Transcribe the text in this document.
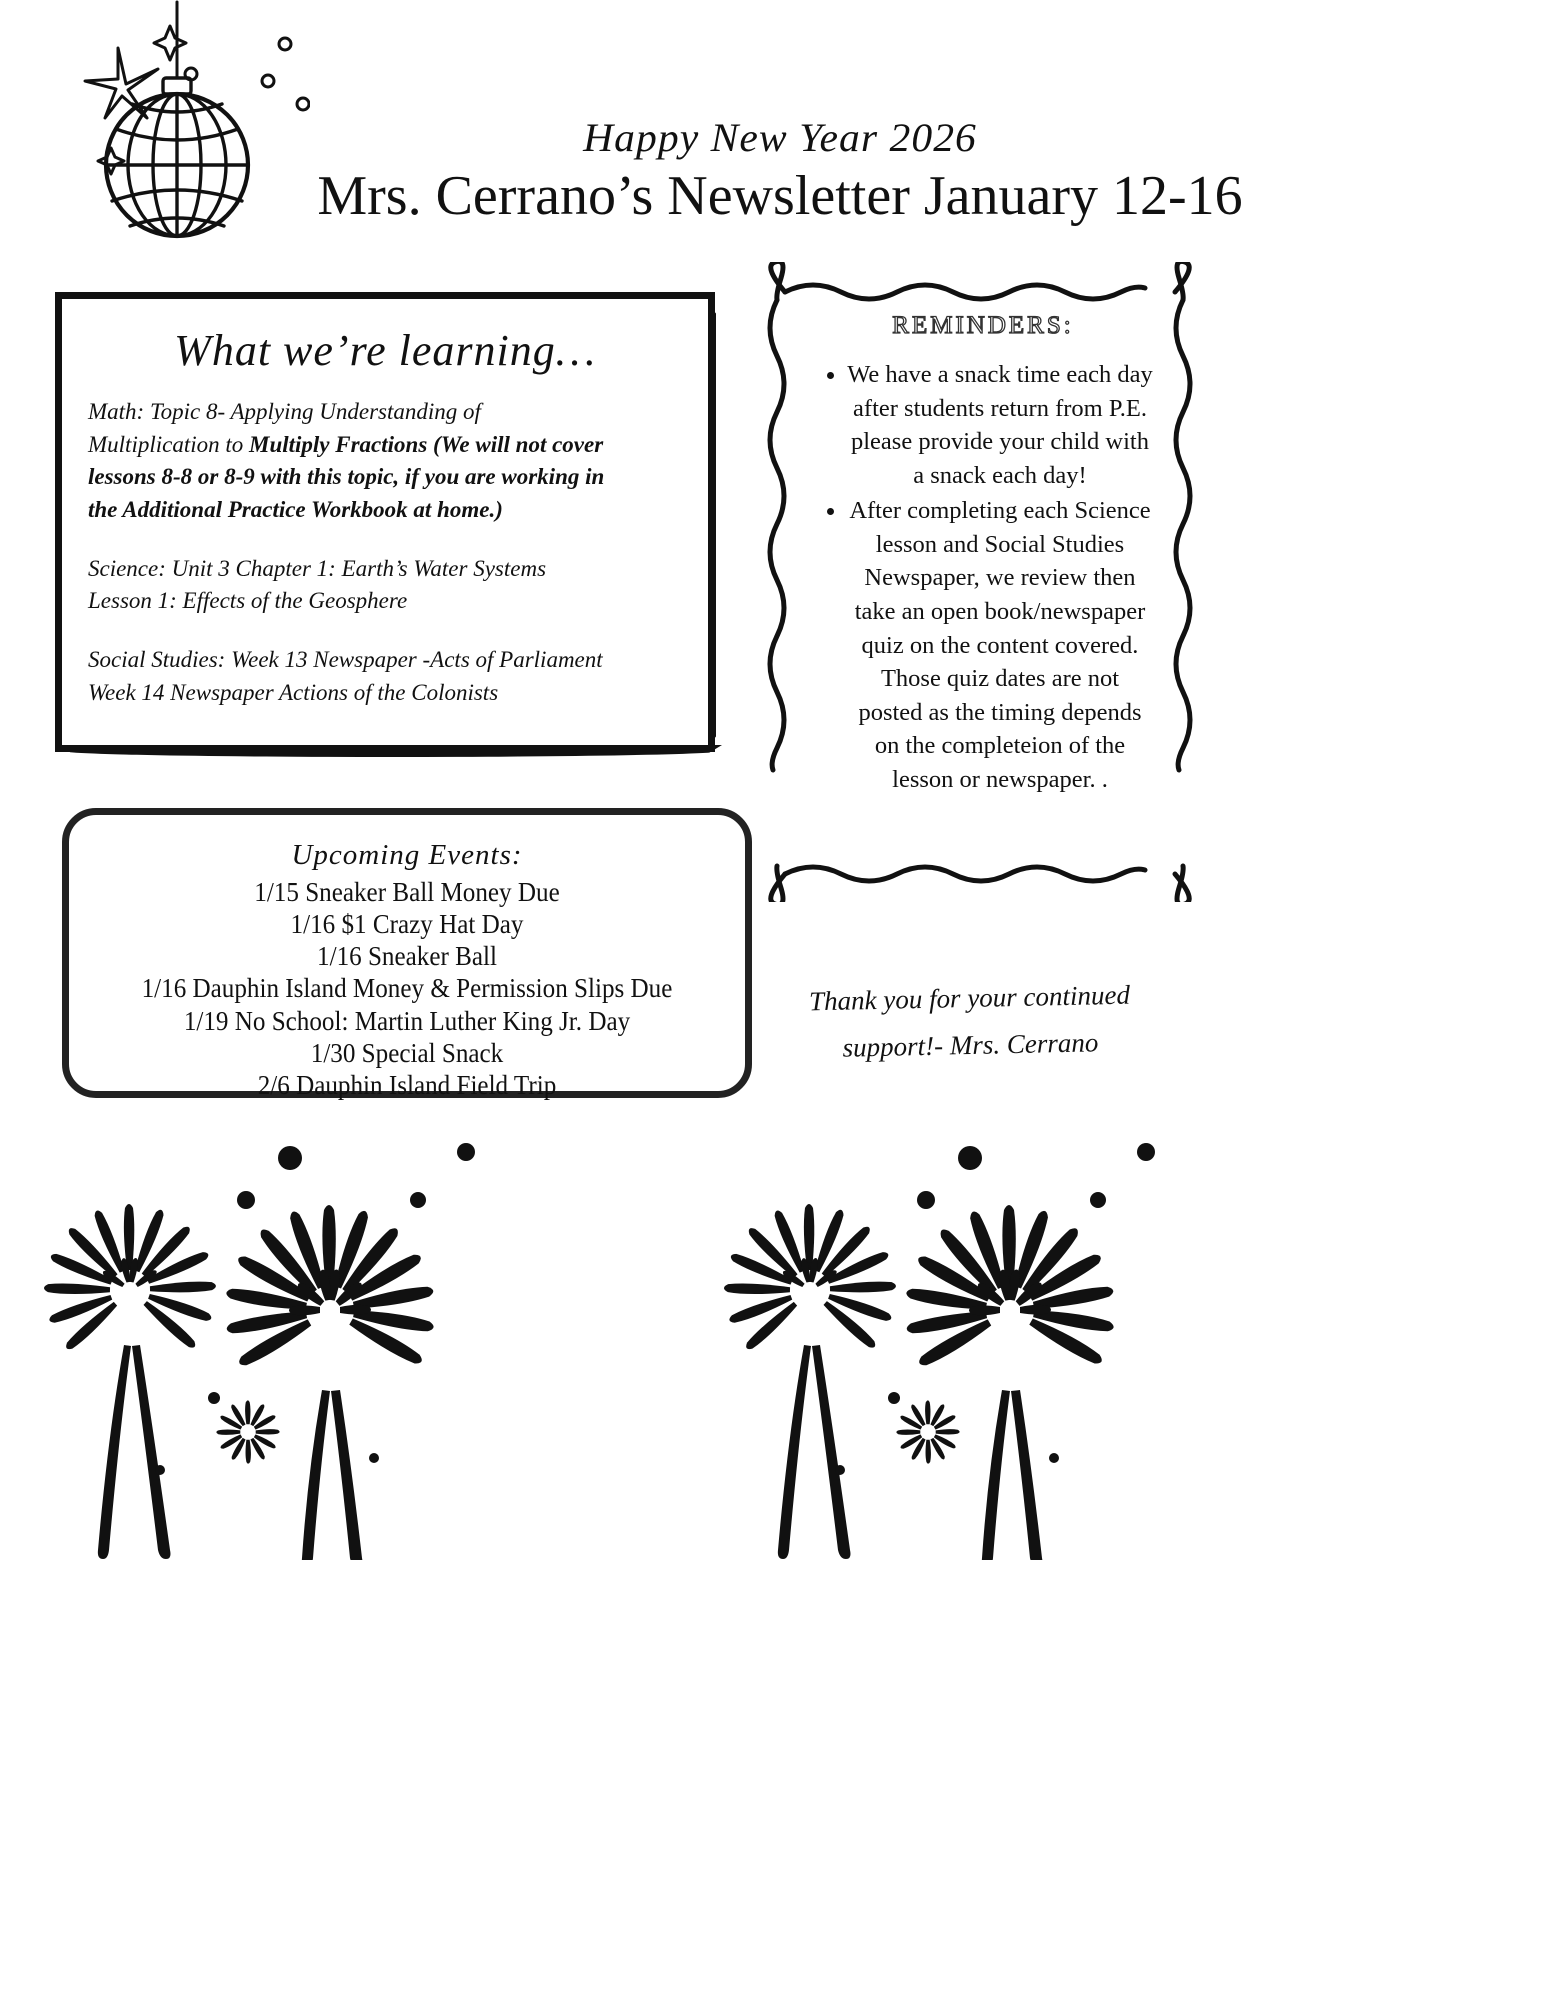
Happy New Year 2026
Mrs. Cerrano’s Newsletter January 12-16
What we’re learning…
Math: Topic 8- Applying Understanding of
Multiplication to Multiply Fractions (We will not cover
lessons 8-8 or 8-9 with this topic, if you are working in
the Additional Practice Workbook at home.)
Science: Unit 3 Chapter 1: Earth’s Water Systems
Lesson 1: Effects of the Geosphere
Social Studies: Week 13 Newspaper -Acts of Parliament
Week 14 Newspaper Actions of the Colonists
REMINDERS:
• We have a snack time each day after students return from P.E. please provide your child with a snack each day!
• After completing each Science lesson and Social Studies Newspaper, we review then take an open book/newspaper quiz on the content covered. Those quiz dates are not posted as the timing depends on the completeion of the lesson or newspaper. .
Upcoming Events:
1/15 Sneaker Ball Money Due
1/16 $1 Crazy Hat Day
1/16 Sneaker Ball
1/16 Dauphin Island Money & Permission Slips Due
1/19 No School: Martin Luther King Jr. Day
1/30 Special Snack
2/6 Dauphin Island Field Trip
Thank you for your continued
support!- Mrs. Cerrano
